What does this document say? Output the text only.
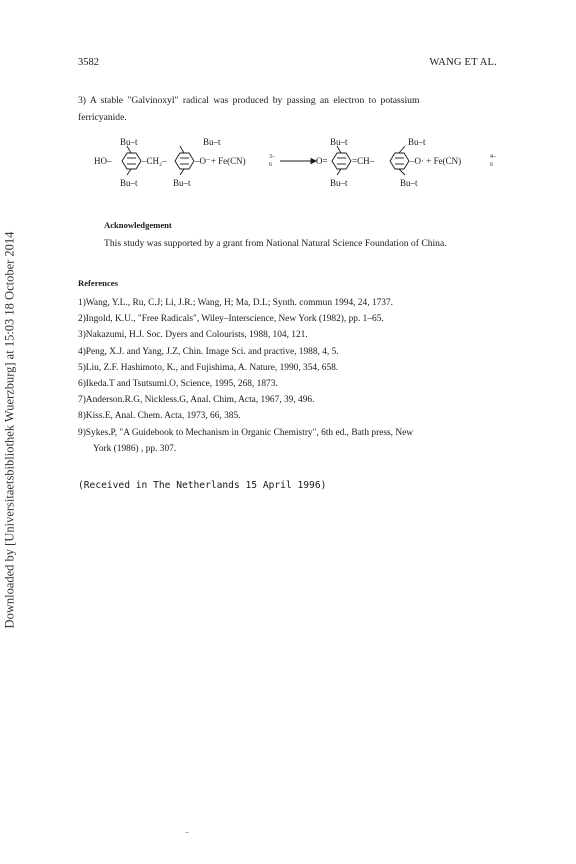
3582	WANG ET AL.
3) A stable "Galvinoxyl" radical was produced by passing an electron to potassium
ferricyanide.
Bu–t
Bu–t
HO–	–CH₂–
Bu–t
Bu–t
–O⁻+ Fe(CN)	3–
6	O=
Bu–t
Bu–t
=CH–
Bu–t
Bu–t
–O· + Fe(CN)	4–
6
Acknowledgement
This study was supported by a grant from National Natural Science Foundation of China.
References
1)Wang, Y.L., Ru, C.J; Li, J.R.; Wang, H; Ma, D.L; Synth. commun 1994, 24, 1737.
2)Ingold, K.U., "Free Radicals", Wiley–Interscience, New York (1982), pp. 1–65.
3)Nakazumi, H.J. Soc. Dyers and Colourists, 1988, 104, 121.
4)Peng, X.J. and Yang, J.Z, Chin. Image Sci. and practive, 1988, 4, 5.
5)Liu, Z.F. Hashimoto, K., and Fujishima, A. Nature, 1990, 354, 658.
6)Ikeda.T and Tsutsumi.O, Science, 1995, 268, 1873.
7)Anderson.R.G, Nickless.G, Anal. Chim, Acta, 1967, 39, 496.
8)Kiss.E, Anal. Chem. Acta, 1973, 66, 385.
9)Sykes.P, "A Guidebook to Mechanism in Organic Chemistry", 6th ed., Bath press, New
York (1986) , pp. 307.
(Received in The Netherlands 15 April 1996)
Downloaded by [Universitaetsbibliothek Wuerzburg] at 15:03 18 October 2014
